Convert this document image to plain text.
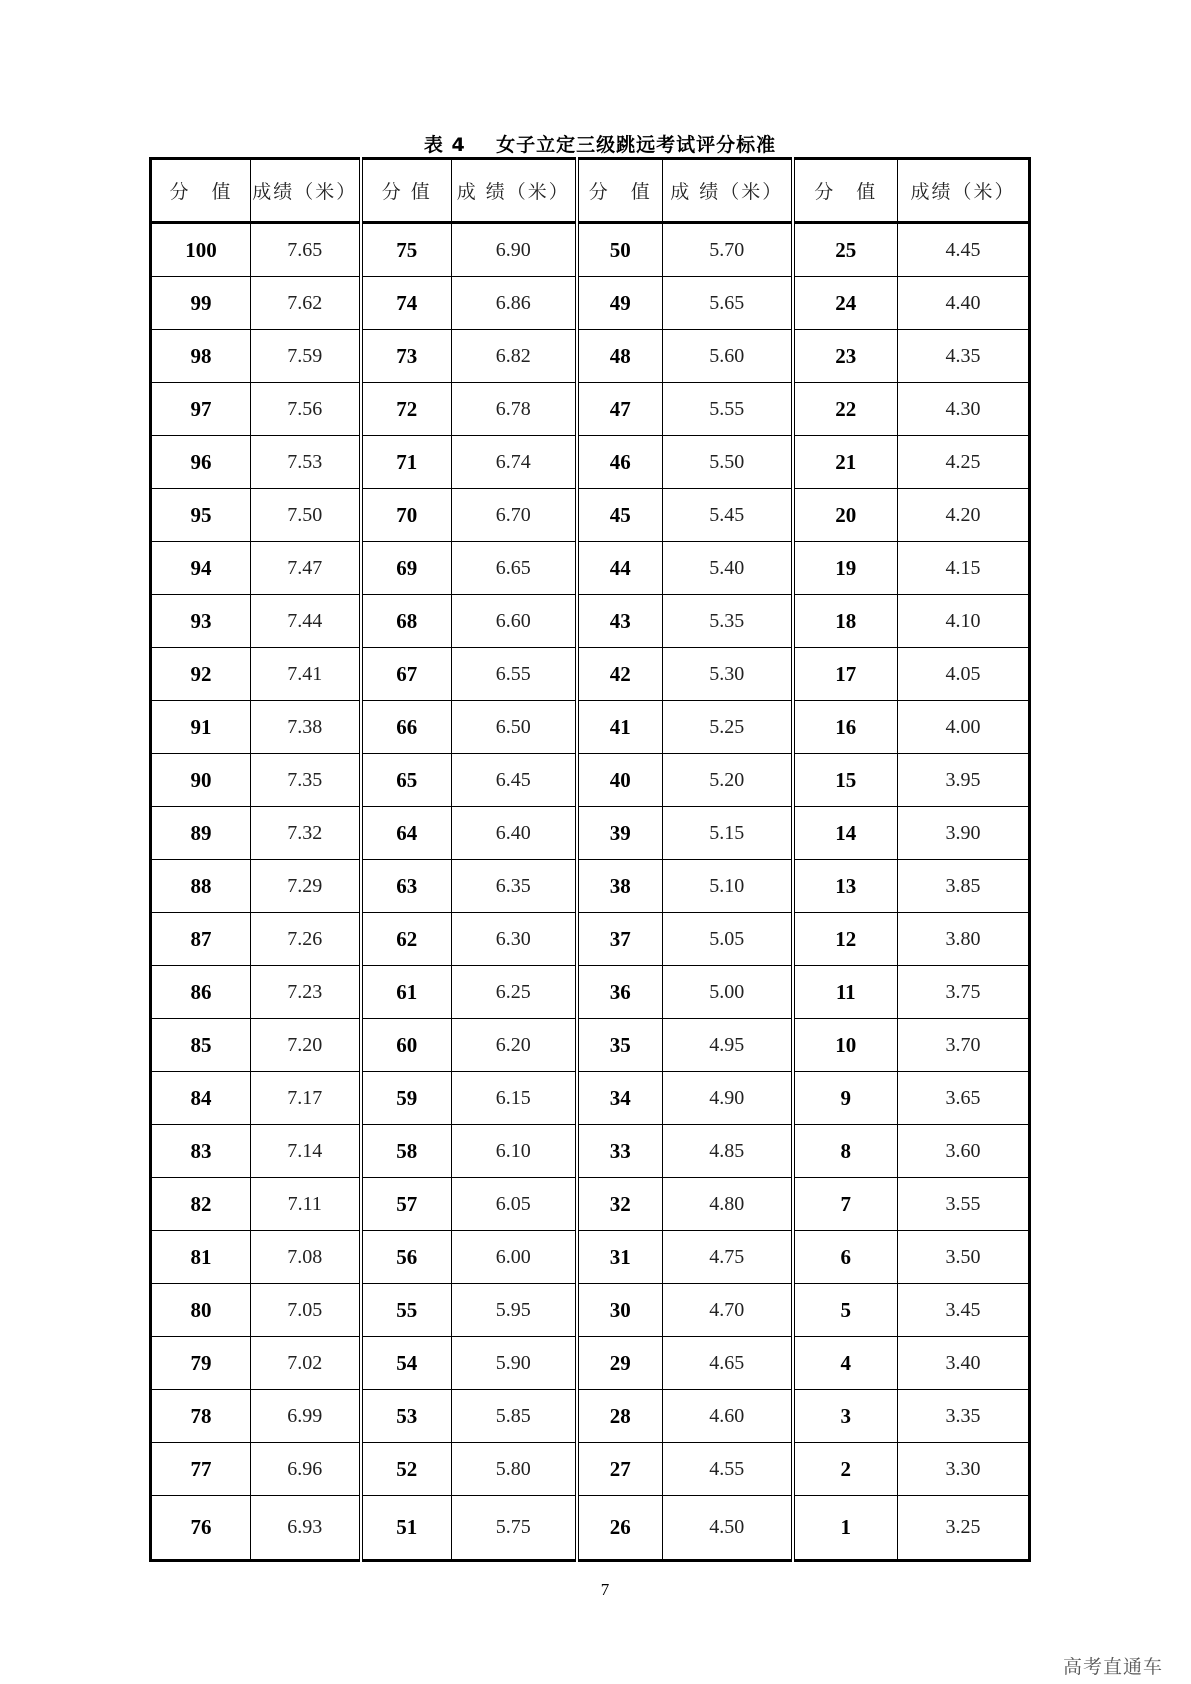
表 4    女子立定三级跳远考试评分标准
分　值	成绩（米）	分 值	成 绩（米）	分　值	成 绩（米）	分　值	成绩（米）
100	7.65	75	6.90	50	5.70	25	4.45
99	7.62	74	6.86	49	5.65	24	4.40
98	7.59	73	6.82	48	5.60	23	4.35
97	7.56	72	6.78	47	5.55	22	4.30
96	7.53	71	6.74	46	5.50	21	4.25
95	7.50	70	6.70	45	5.45	20	4.20
94	7.47	69	6.65	44	5.40	19	4.15
93	7.44	68	6.60	43	5.35	18	4.10
92	7.41	67	6.55	42	5.30	17	4.05
91	7.38	66	6.50	41	5.25	16	4.00
90	7.35	65	6.45	40	5.20	15	3.95
89	7.32	64	6.40	39	5.15	14	3.90
88	7.29	63	6.35	38	5.10	13	3.85
87	7.26	62	6.30	37	5.05	12	3.80
86	7.23	61	6.25	36	5.00	11	3.75
85	7.20	60	6.20	35	4.95	10	3.70
84	7.17	59	6.15	34	4.90	9	3.65
83	7.14	58	6.10	33	4.85	8	3.60
82	7.11	57	6.05	32	4.80	7	3.55
81	7.08	56	6.00	31	4.75	6	3.50
80	7.05	55	5.95	30	4.70	5	3.45
79	7.02	54	5.90	29	4.65	4	3.40
78	6.99	53	5.85	28	4.60	3	3.35
77	6.96	52	5.80	27	4.55	2	3.30
76	6.93	51	5.75	26	4.50	1	3.25
7
高考直通车
